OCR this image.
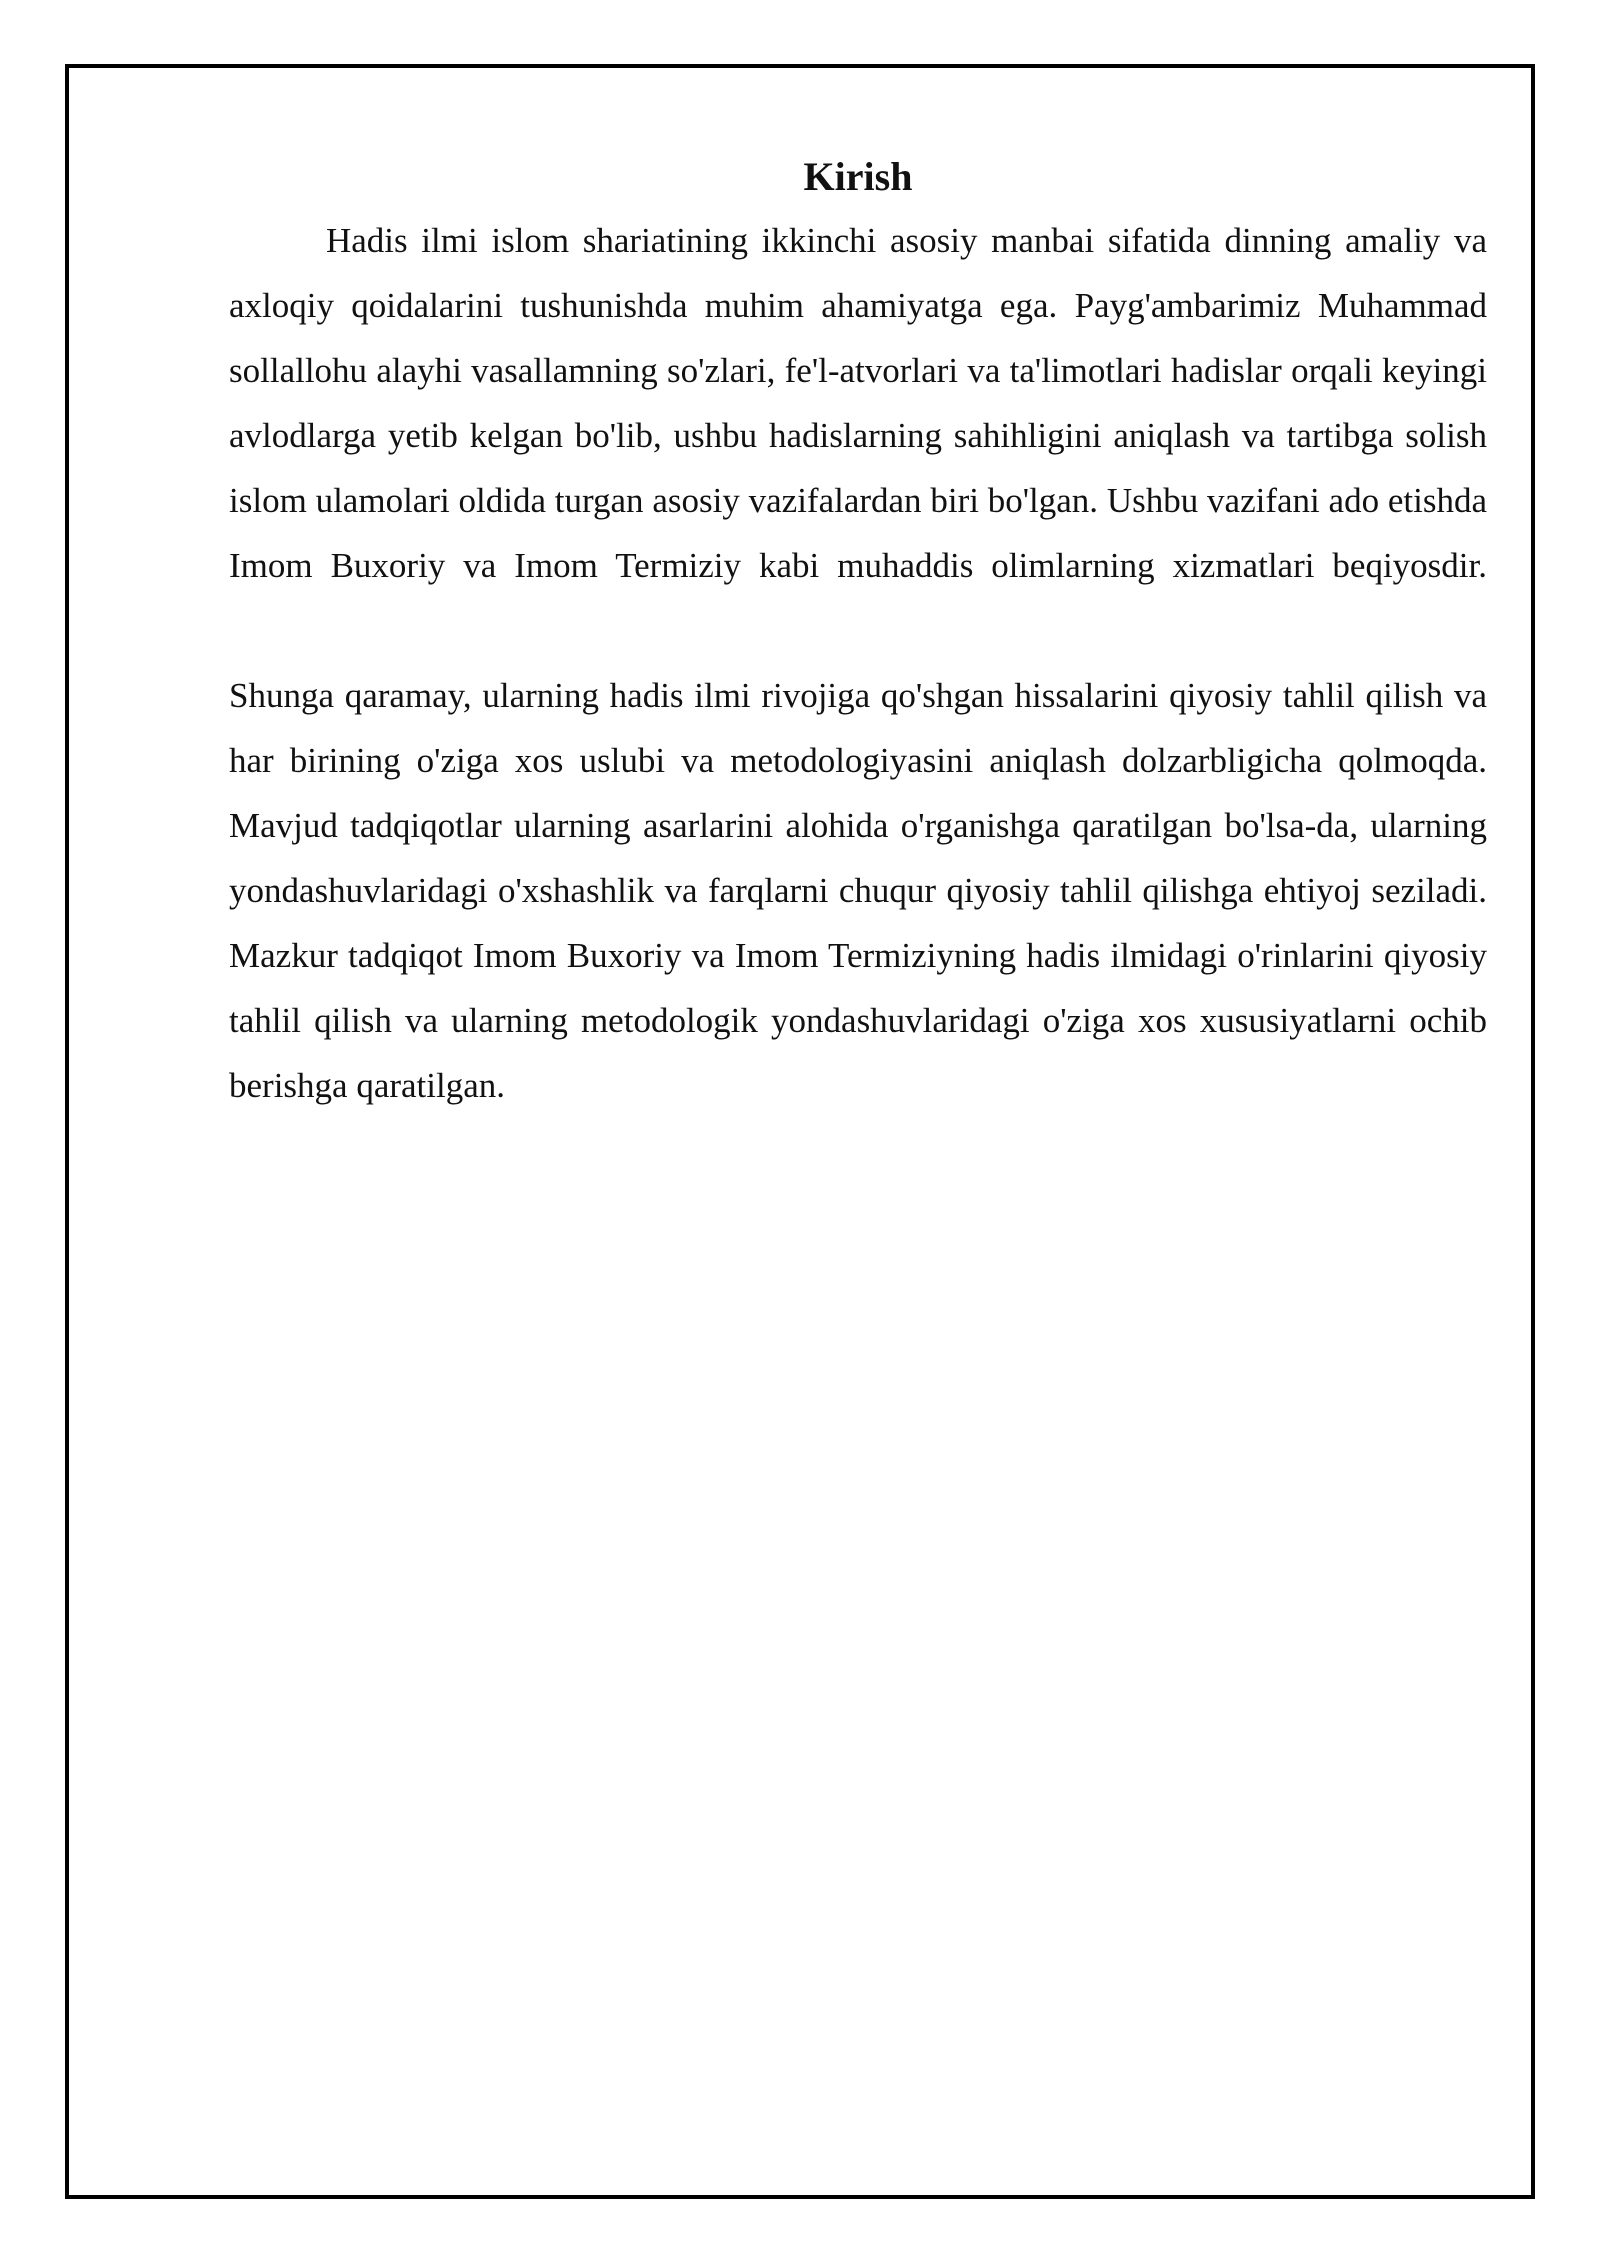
Kirish

Hadis ilmi islom shariatining ikkinchi asosiy manbai sifatida dinning amaliy va axloqiy qoidalarini tushunishda muhim ahamiyatga ega. Payg'ambarimiz Muhammad sollallohu alayhi vasallamning so'zlari, fe'l-atvorlari va ta'limotlari hadislar orqali keyingi avlodlarga yetib kelgan bo'lib, ushbu hadislarning sahihligini aniqlash va tartibga solish islom ulamolari oldida turgan asosiy vazifalardan biri bo'lgan. Ushbu vazifani ado etishda Imom Buxoriy va Imom Termiziy kabi muhaddis olimlarning xizmatlari beqiyosdir.

Shunga qaramay, ularning hadis ilmi rivojiga qo'shgan hissalarini qiyosiy tahlil qilish va har birining o'ziga xos uslubi va metodologiyasini aniqlash dolzarbligicha qolmoqda. Mavjud tadqiqotlar ularning asarlarini alohida o'rganishga qaratilgan bo'lsa-da, ularning yondashuvlaridagi o'xshashlik va farqlarni chuqur qiyosiy tahlil qilishga ehtiyoj seziladi. Mazkur tadqiqot Imom Buxoriy va Imom Termiziyning hadis ilmidagi o'rinlarini qiyosiy tahlil qilish va ularning metodologik yondashuvlaridagi o'ziga xos xususiyatlarni ochib berishga qaratilgan.
